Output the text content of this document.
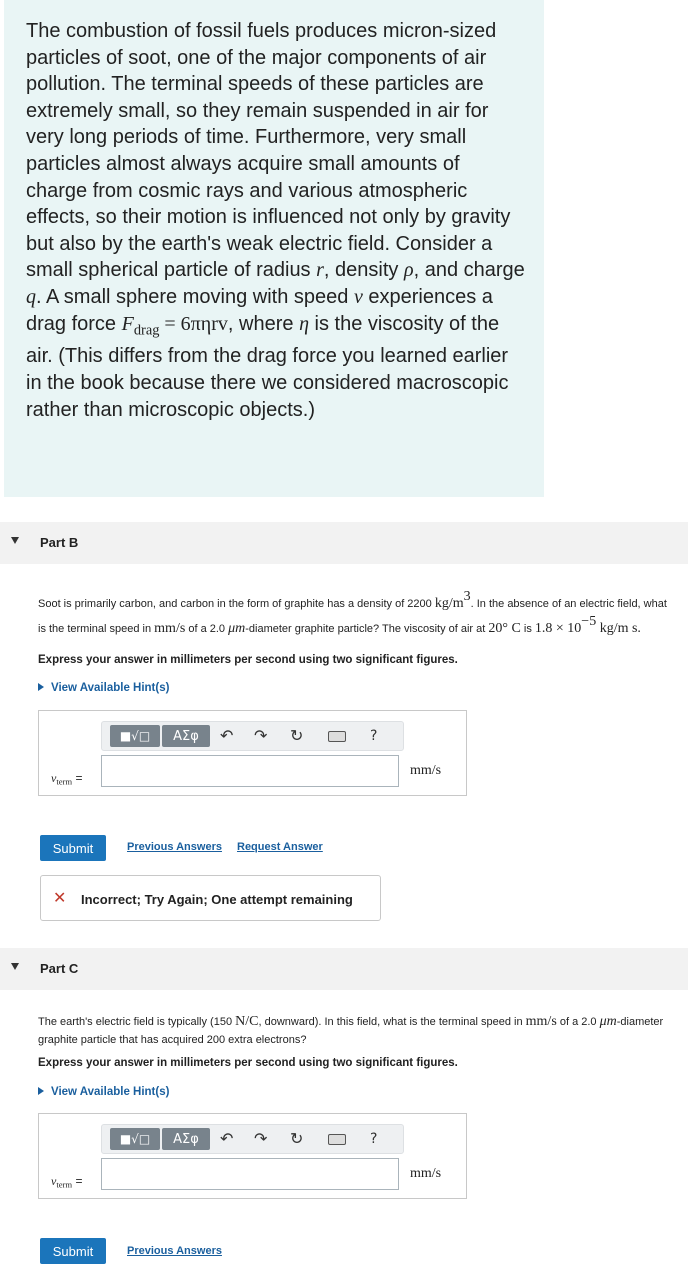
The combustion of fossil fuels produces micron-sized particles of soot, one of the major components of air pollution. The terminal speeds of these particles are extremely small, so they remain suspended in air for very long periods of time. Furthermore, very small particles almost always acquire small amounts of charge from cosmic rays and various atmospheric effects, so their motion is influenced not only by gravity but also by the earth's weak electric field. Consider a small spherical particle of radius r, density ρ, and charge q. A small sphere moving with speed v experiences a drag force $F_{drag} = 6\pi\eta rv$, where η is the viscosity of the air. (This differs from the drag force you learned earlier in the book because there we considered macroscopic rather than microscopic objects.)

Part B
Soot is primarily carbon, and carbon in the form of graphite has a density of 2200 kg/m3. In the absence of an electric field, what is the terminal speed in mm/s of a 2.0 μm-diameter graphite particle? The viscosity of air at 20° C is 1.8 × 10−5 kg/m s.
Express your answer in millimeters per second using two significant figures.
View Available Hint(s)
■√□	ΑΣφ	↶ ↷ ↻	?
$v_{term}$ =	mm/s
Submit	Previous Answers Request Answer
✕ Incorrect; Try Again; One attempt remaining
Part C
The earth's electric field is typically (150 N/C, downward). In this field, what is the terminal speed in mm/s of a 2.0 μm-diameter graphite particle that has acquired 200 extra electrons?
Express your answer in millimeters per second using two significant figures.
View Available Hint(s)
■√□	ΑΣφ	↶ ↷ ↻	?
$v_{term}$ =	mm/s
Submit	Previous Answers
